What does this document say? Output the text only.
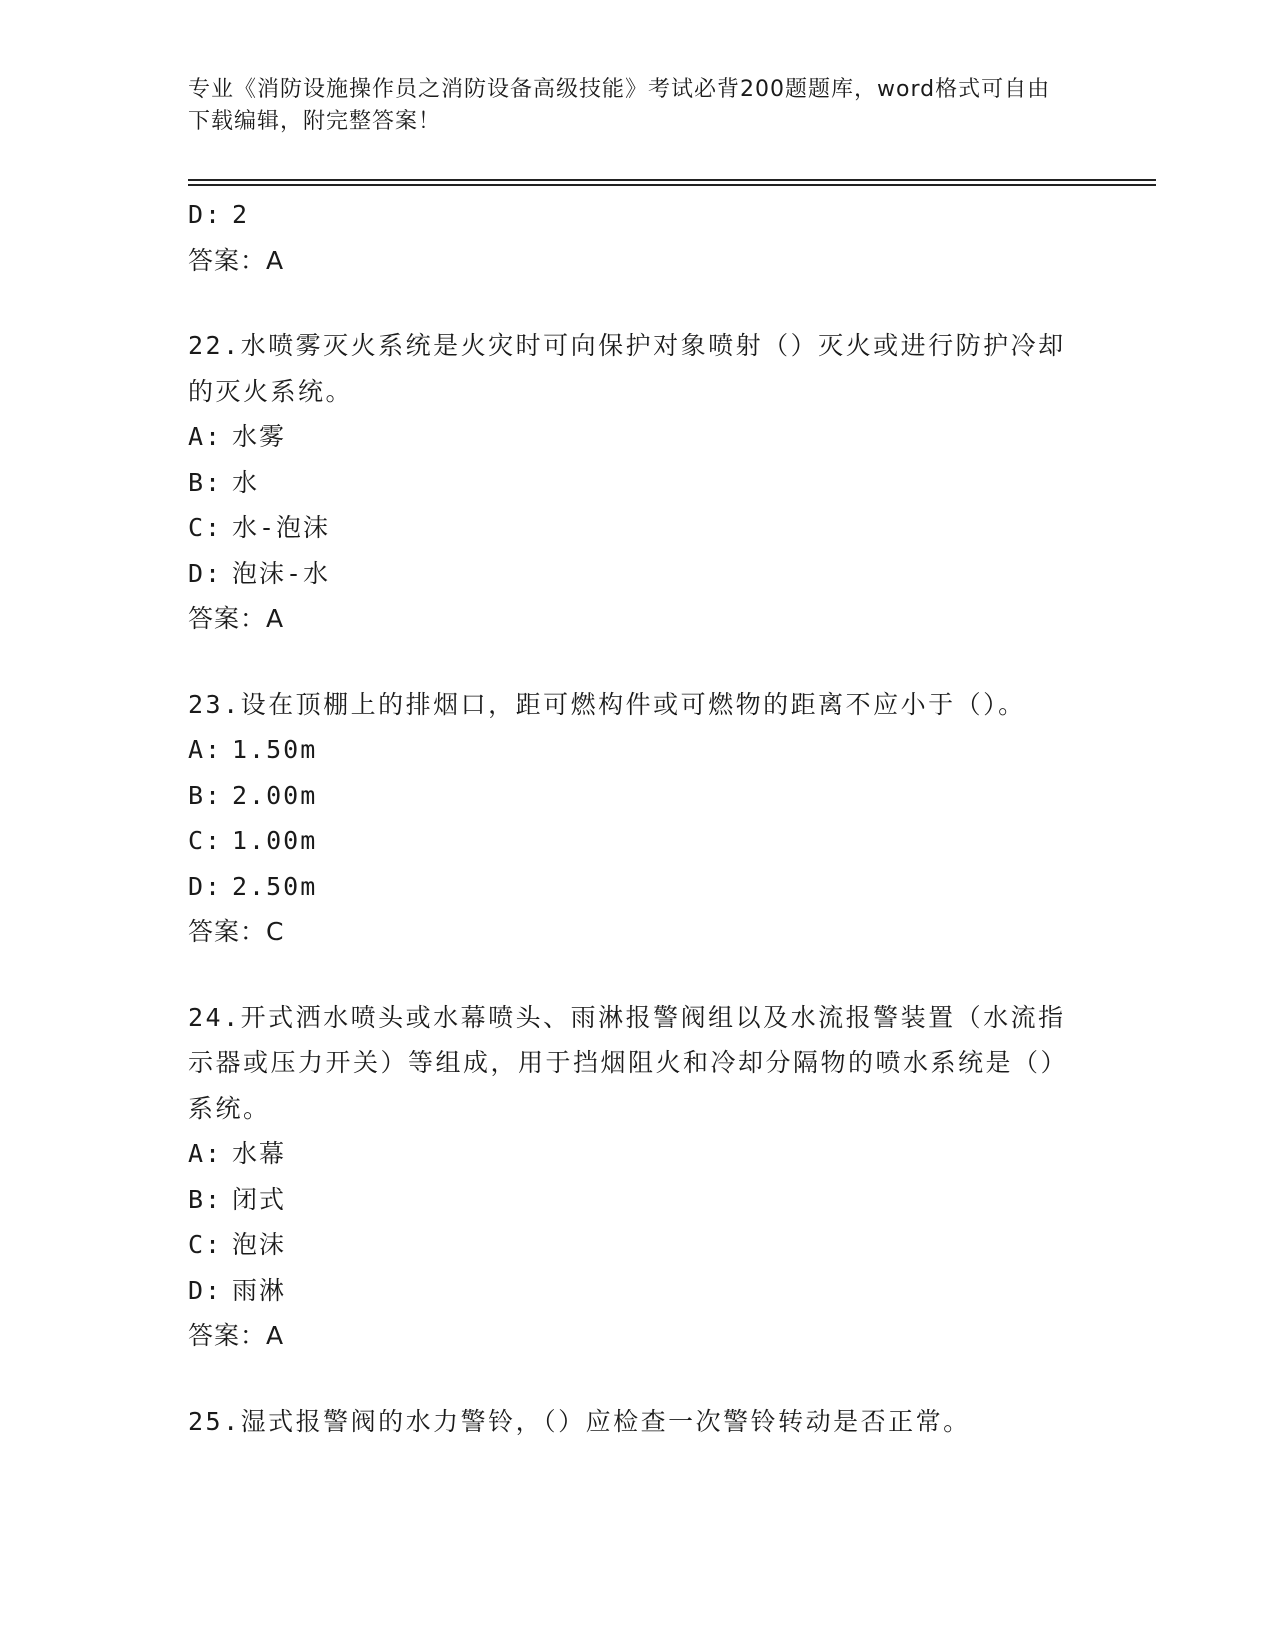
专业《消防设施操作员之消防设备高级技能》考试必背200题题库，word格式可自由下载编辑，附完整答案！
D: 2
答案：A
22.水喷雾灭火系统是火灾时可向保护对象喷射（）灭火或进行防护冷却的灭火系统。
A: 水雾
B: 水
C: 水-泡沫
D: 泡沫-水
答案：A
23.设在顶棚上的排烟口，距可燃构件或可燃物的距离不应小于（）。
A: 1.50m
B: 2.00m
C: 1.00m
D: 2.50m
答案：C
24.开式洒水喷头或水幕喷头、雨淋报警阀组以及水流报警装置（水流指示器或压力开关）等组成，用于挡烟阻火和冷却分隔物的喷水系统是（）系统。
A: 水幕
B: 闭式
C: 泡沫
D: 雨淋
答案：A
25.湿式报警阀的水力警铃，（）应检查一次警铃转动是否正常。
